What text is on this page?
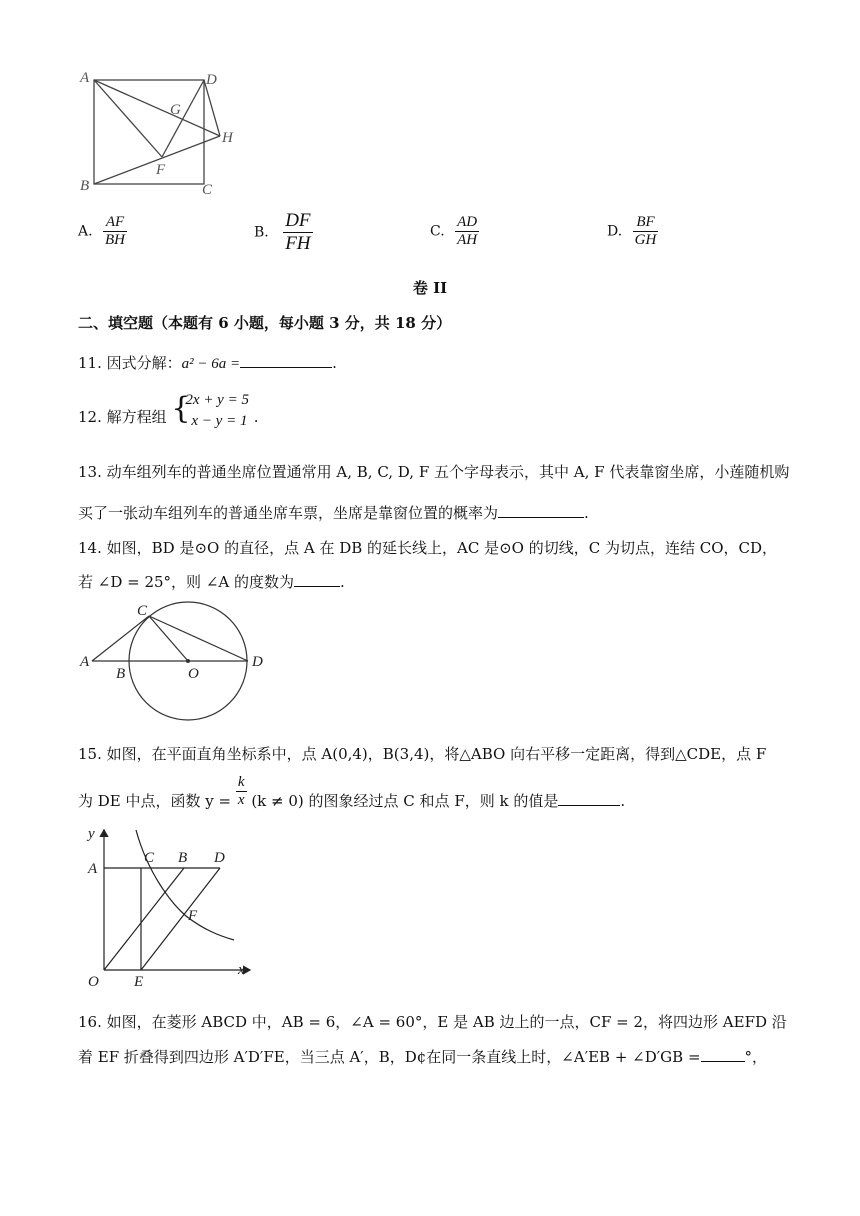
A	D
B	C
F
G
H
A. $\frac{AF}{BH}$	B. $\frac{DF}{FH}$	C. $\frac{AD}{AH}$	D. $\frac{BF}{GH}$
卷 II
二、填空题（本题有 6 小题，每小题 3 分，共 18 分）
11. 因式分解：a² − 6a =	.
12. 解方程组 {
2x + y = 5
x − y = 1 .
13. 动车组列车的普通坐席位置通常用 A, B, C, D, F 五个字母表示，其中 A, F 代表靠窗坐席，小莲随机购
买了一张动车组列车的普通坐席车票，坐席是靠窗位置的概率为	.
14. 如图，BD 是⊙O 的直径，点 A 在 DB 的延长线上，AC 是⊙O 的切线，C 为切点，连结 CO，CD，
若 ∠D = 25°，则 ∠A 的度数为	.
A
B
C
O
D
15. 如图，在平面直角坐标系中，点 A(0,4)，B(3,4)，将△ABO 向右平移一定距离，得到△CDE，点 F
为 DE 中点，函数 $y = \frac{k}{x} (k \ne 0)$ 的图象经过点 C 和点 F，则 k 的值是	.
y
A
C B D
F
O E
x
16. 如图，在菱形 ABCD 中，AB = 6，∠A = 60°，E 是 AB 边上的一点，CF = 2，将四边形 AEFD 沿
着 EF 折叠得到四边形 A′D′FE，当三点 A′，B，D¢在同一条直线上时，∠A′EB + ∠D′GB =	°，
